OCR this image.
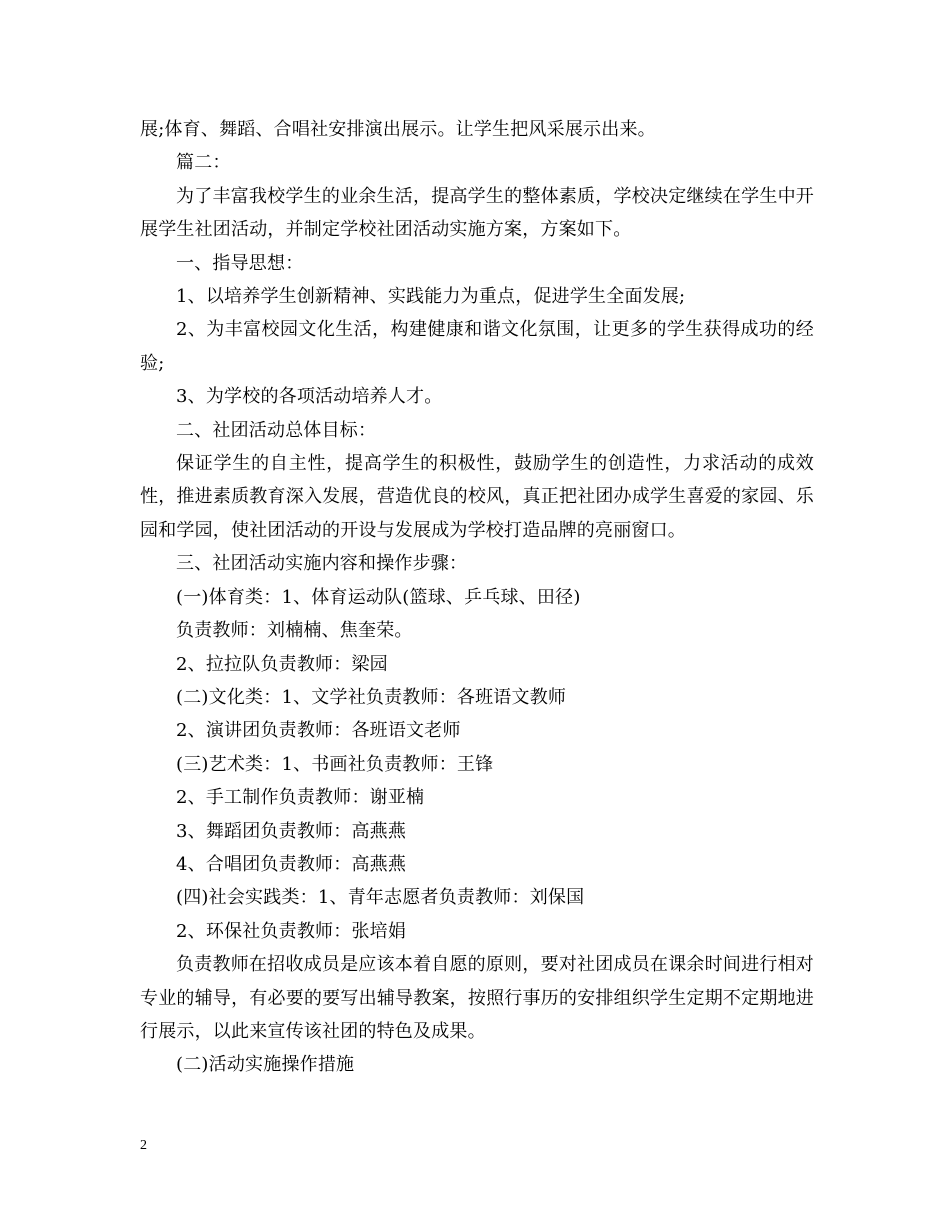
展;体育、舞蹈、合唱社安排演出展示。让学生把风采展示出来。

篇二：

为了丰富我校学生的业余生活，提高学生的整体素质，学校决定继续在学生中开展学生社团活动，并制定学校社团活动实施方案，方案如下。

一、指导思想：

1、以培养学生创新精神、实践能力为重点，促进学生全面发展;

2、为丰富校园文化生活，构建健康和谐文化氛围，让更多的学生获得成功的经验;

3、为学校的各项活动培养人才。

二、社团活动总体目标：

保证学生的自主性，提高学生的积极性，鼓励学生的创造性，力求活动的成效性，推进素质教育深入发展，营造优良的校风，真正把社团办成学生喜爱的家园、乐园和学园，使社团活动的开设与发展成为学校打造品牌的亮丽窗口。

三、社团活动实施内容和操作步骤：

(一)体育类：1、体育运动队(篮球、乒乓球、田径)

负责教师：刘楠楠、焦奎荣。

2、拉拉队负责教师：梁园

(二)文化类：1、文学社负责教师：各班语文教师

2、演讲团负责教师：各班语文老师

(三)艺术类：1、书画社负责教师：王锋

2、手工制作负责教师：谢亚楠

3、舞蹈团负责教师：高燕燕

4、合唱团负责教师：高燕燕

(四)社会实践类：1、青年志愿者负责教师：刘保国

2、环保社负责教师：张培娟

负责教师在招收成员是应该本着自愿的原则，要对社团成员在课余时间进行相对专业的辅导，有必要的要写出辅导教案，按照行事历的安排组织学生定期不定期地进行展示，以此来宣传该社团的特色及成果。

(二)活动实施操作措施

2
